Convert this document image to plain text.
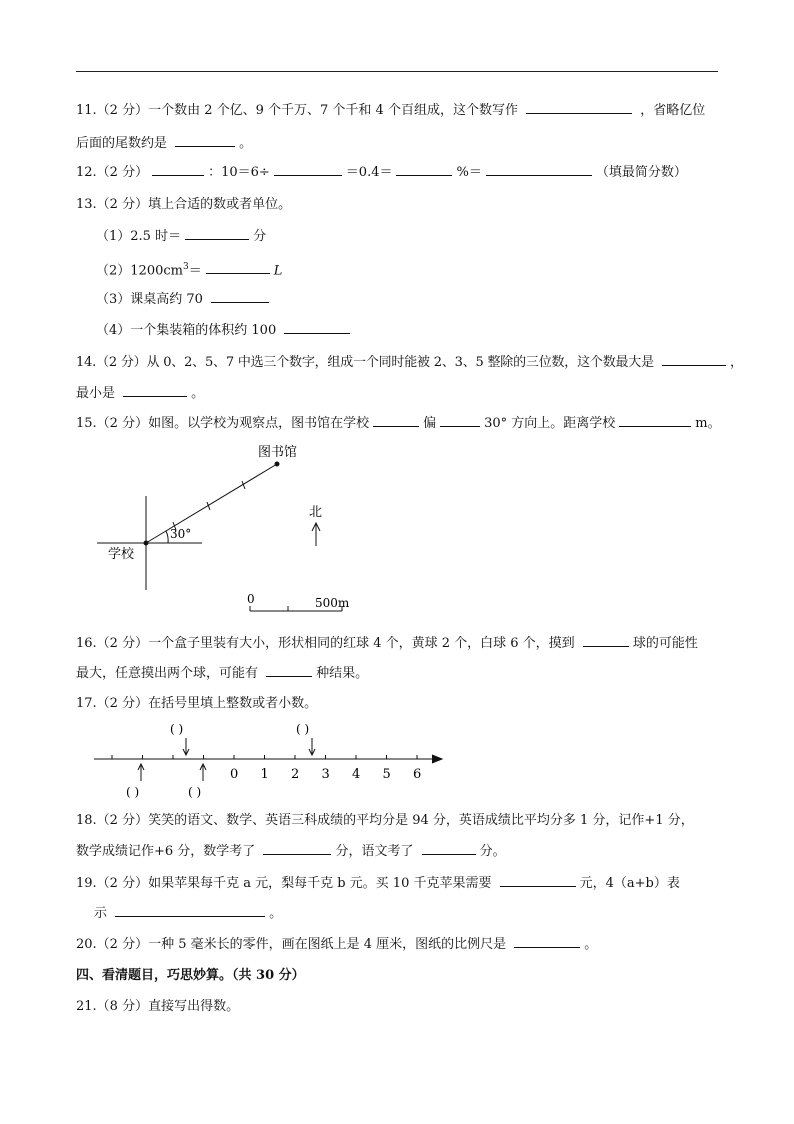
11.（2 分）一个数由 2 个亿、9 个千万、7 个千和 4 个百组成，这个数写作	，省略亿位
后面的尾数约是	。
12.（2 分）	：10＝6÷	＝0.4＝	%＝	（填最简分数）
13.（2 分）填上合适的数或者单位。
（1）2.5 时＝	分
$(2)1200cm^3=$	L
（3）课桌高约 70
（4）一个集装箱的体积约 100
14.（2 分）从 0、2、5、7 中选三个数字，组成一个同时能被 2、3、5 整除的三位数，这个数最大是	，
最小是	。
15.（2 分）如图。以学校为观察点，图书馆在学校	偏	30° 方向上。距离学校	m。
图书馆
30°
学校
北
0	500m
16.（2 分）一个盒子里装有大小，形状相同的红球 4 个，黄球 2 个，白球 6 个，摸到	球的可能性
最大，任意摸出两个球，可能有	种结果。
17.（2 分）在括号里填上整数或者小数。
0 1 2 3 4 5 6
( )	( )
( )	( )
18.（2 分）笑笑的语文、数学、英语三科成绩的平均分是 94 分，英语成绩比平均分多 1 分，记作+1 分，
数学成绩记作+6 分，数学考了	分，语文考了	分。
19.（2 分）如果苹果每千克 a 元，梨每千克 b 元。买 10 千克苹果需要	元，4（a+b）表
示	。
20.（2 分）一种 5 毫米长的零件，画在图纸上是 4 厘米，图纸的比例尺是	。
四、看清题目，巧思妙算。（共 30 分）
21.（8 分）直接写出得数。
